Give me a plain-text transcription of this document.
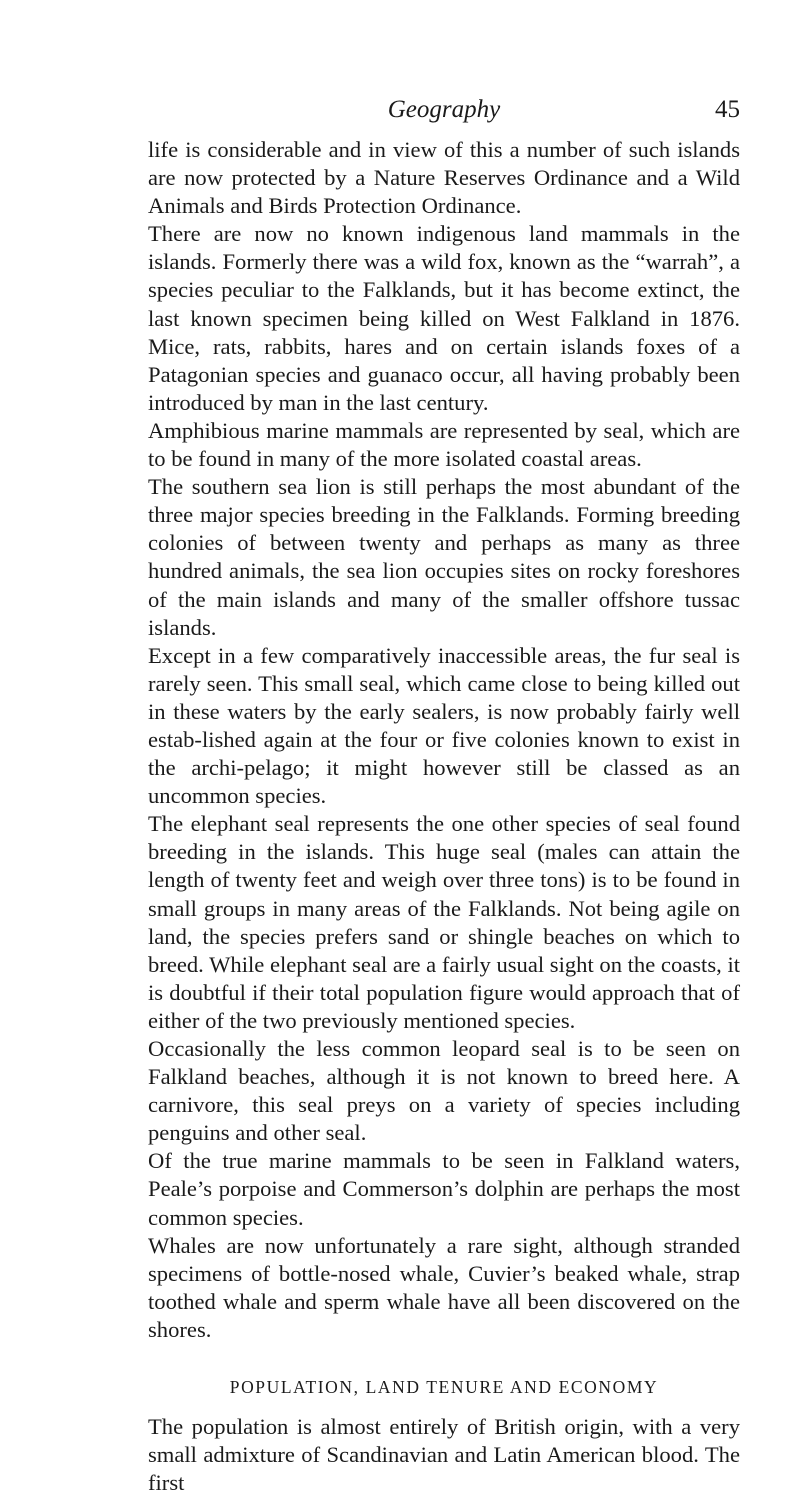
Geography	45

life is considerable and in view of this a number of such islands are now protected by a Nature Reserves Ordinance and a Wild Animals and Birds Protection Ordinance.

There are now no known indigenous land mammals in the islands. Formerly there was a wild fox, known as the “warrah”, a species peculiar to the Falklands, but it has become extinct, the last known specimen being killed on West Falkland in 1876. Mice, rats, rabbits, hares and on certain islands foxes of a Patagonian species and guanaco occur, all having probably been introduced by man in the last century.

Amphibious marine mammals are represented by seal, which are to be found in many of the more isolated coastal areas.

The southern sea lion is still perhaps the most abundant of the three major species breeding in the Falklands. Forming breeding colonies of between twenty and perhaps as many as three hundred animals, the sea lion occupies sites on rocky foreshores of the main islands and many of the smaller offshore tussac islands.

Except in a few comparatively inaccessible areas, the fur seal is rarely seen. This small seal, which came close to being killed out in these waters by the early sealers, is now probably fairly well estab-lished again at the four or five colonies known to exist in the archi-pelago; it might however still be classed as an uncommon species.

The elephant seal represents the one other species of seal found breeding in the islands. This huge seal (males can attain the length of twenty feet and weigh over three tons) is to be found in small groups in many areas of the Falklands. Not being agile on land, the species prefers sand or shingle beaches on which to breed. While elephant seal are a fairly usual sight on the coasts, it is doubtful if their total population figure would approach that of either of the two previously mentioned species.

Occasionally the less common leopard seal is to be seen on Falkland beaches, although it is not known to breed here. A carnivore, this seal preys on a variety of species including penguins and other seal.

Of the true marine mammals to be seen in Falkland waters, Peale’s porpoise and Commerson’s dolphin are perhaps the most common species.

Whales are now unfortunately a rare sight, although stranded specimens of bottle-nosed whale, Cuvier’s beaked whale, strap toothed whale and sperm whale have all been discovered on the shores.

POPULATION, LAND TENURE AND ECONOMY

The population is almost entirely of British origin, with a very small admixture of Scandinavian and Latin American blood. The first
